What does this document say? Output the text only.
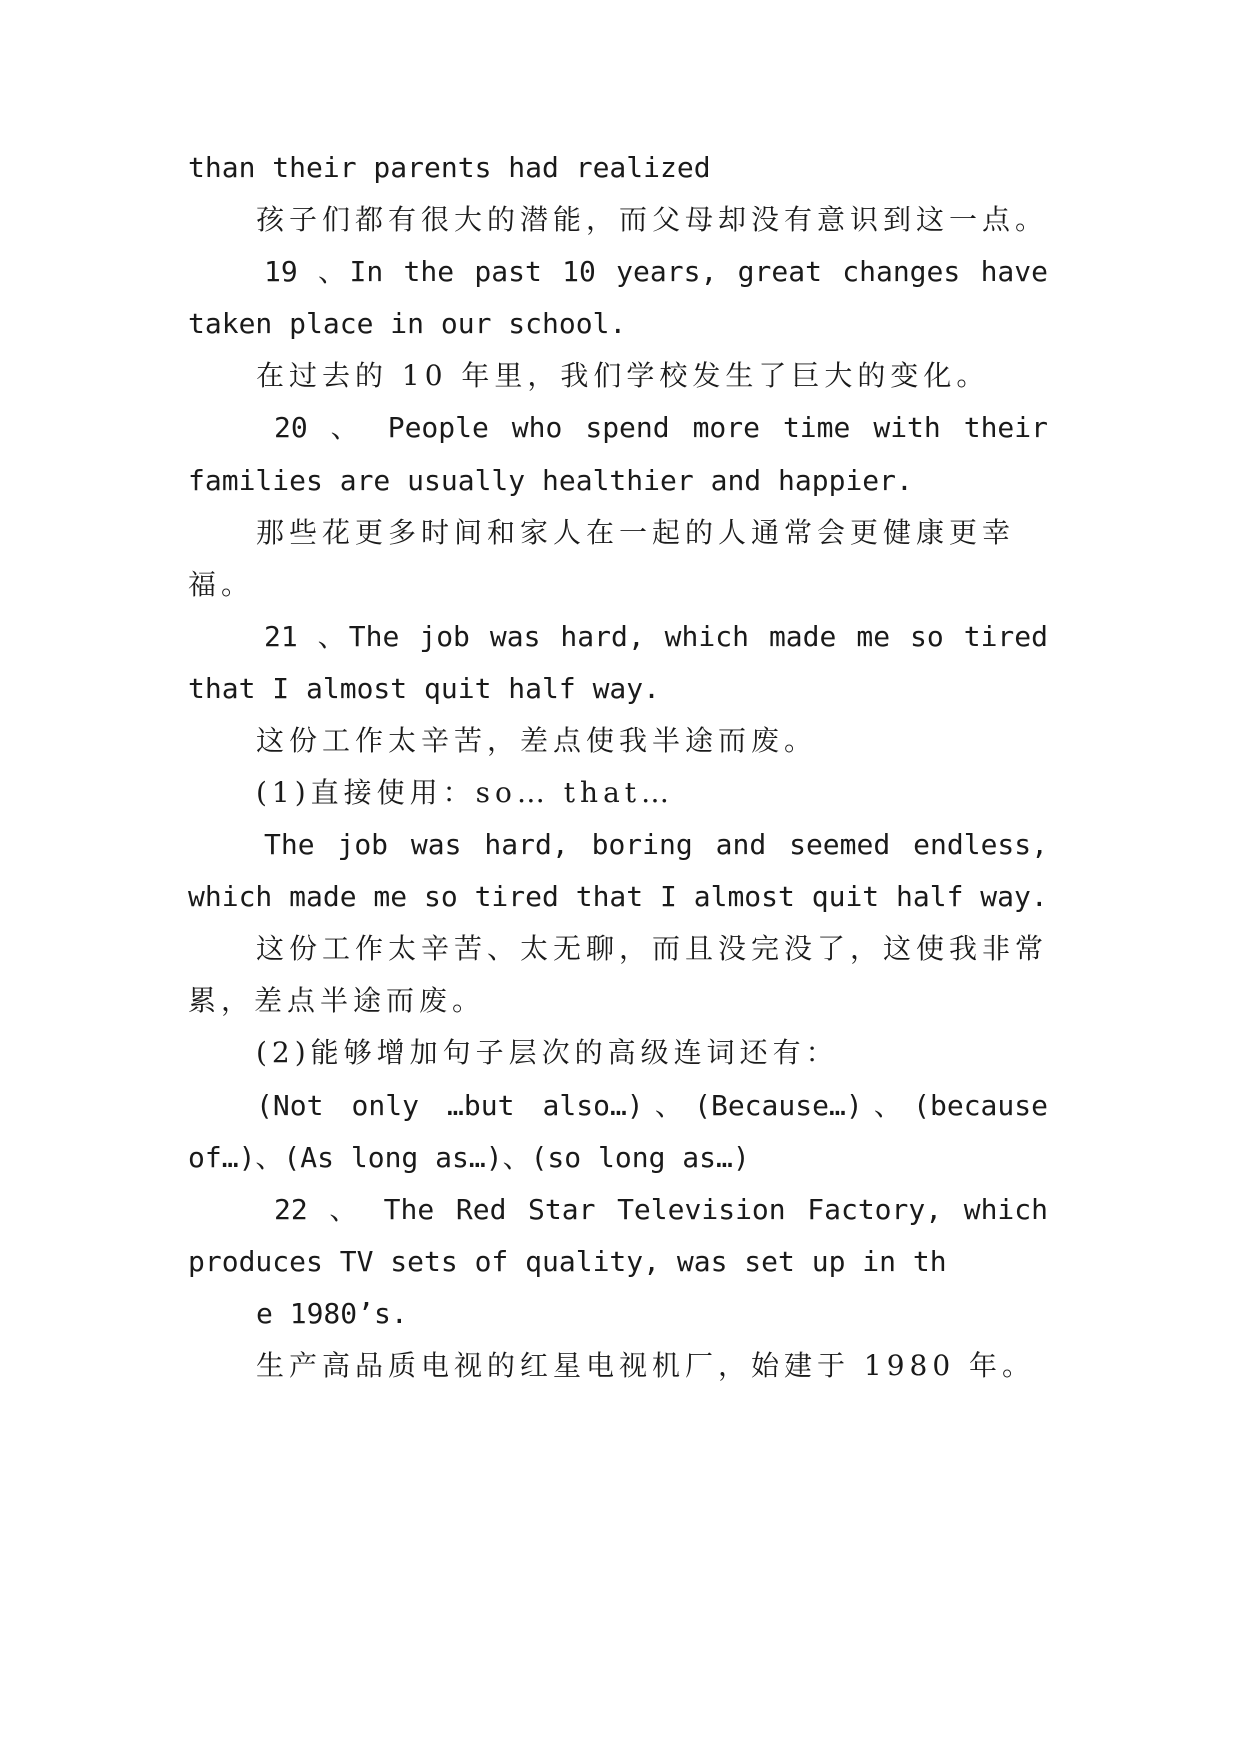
than their parents had realized
孩子们都有很大的潜能，而父母却没有意识到这一点。
19 、In the past 10 years, great changes have
taken place in our school.
在过去的 10 年里，我们学校发生了巨大的变化。
20 、 People who spend more time with their
families are usually healthier and happier.
那些花更多时间和家人在一起的人通常会更健康更幸
福。
21 、The job was hard, which made me so tired
that I almost quit half way.
这份工作太辛苦，差点使我半途而废。
(1)直接使用：so… that…
The job was hard, boring and seemed endless,
which made me so tired that I almost quit half way.
这份工作太辛苦、太无聊，而且没完没了，这使我非常
累，差点半途而废。
(2)能够增加句子层次的高级连词还有：
(Not only …but also…)、(Because…)、(because
of…)、(As long as…)、(so long as…)
22 、 The Red Star Television Factory, which
produces TV sets of quality, was set up in th
e 1980’s.
生产高品质电视的红星电视机厂，始建于 1980 年。
